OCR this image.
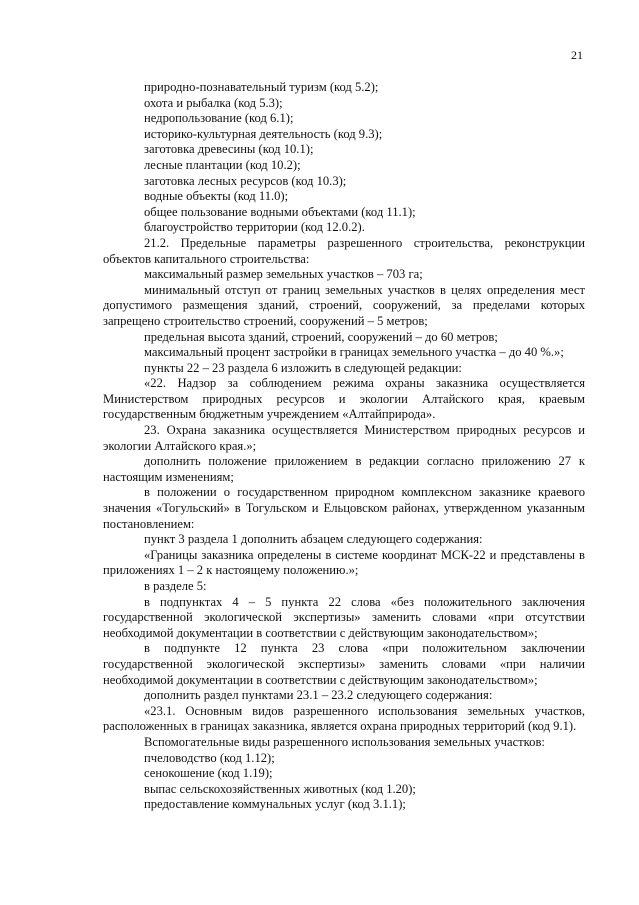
21

природно-познавательный туризм (код 5.2);

охота и рыбалка (код 5.3);

недропользование (код 6.1);

историко-культурная деятельность (код 9.3);

заготовка древесины (код 10.1);

лесные плантации (код 10.2);

заготовка лесных ресурсов (код 10.3);

водные объекты (код 11.0);

общее пользование водными объектами (код 11.1);

благоустройство территории (код 12.0.2).

21.2. Предельные параметры разрешенного строительства, реконструкции объектов капитального строительства:

максимальный размер земельных участков – 703 га;

минимальный отступ от границ земельных участков в целях определения мест допустимого размещения зданий, строений, сооружений, за пределами которых запрещено строительство строений, сооружений – 5 метров;

предельная высота зданий, строений, сооружений – до 60 метров;

максимальный процент застройки в границах земельного участка – до 40 %.»;

пункты 22 – 23 раздела 6 изложить в следующей редакции:

«22. Надзор за соблюдением режима охраны заказника осуществляется Министерством природных ресурсов и экологии Алтайского края, краевым государственным бюджетным учреждением «Алтайприрода».

23. Охрана заказника осуществляется Министерством природных ресурсов и экологии Алтайского края.»;

дополнить положение приложением в редакции согласно приложению 27 к настоящим изменениям;

в положении о государственном природном комплексном заказнике краевого значения «Тогульский» в Тогульском и Ельцовском районах, утвержденном указанным постановлением:

пункт 3 раздела 1 дополнить абзацем следующего содержания:

«Границы заказника определены в системе координат МСК-22 и представлены в приложениях 1 – 2 к настоящему положению.»;

в разделе 5:

в подпунктах 4 – 5 пункта 22 слова «без положительного заключения государственной экологической экспертизы» заменить словами «при отсутствии необходимой документации в соответствии с действующим законодательством»;

в подпункте 12 пункта 23 слова «при положительном заключении государственной экологической экспертизы» заменить словами «при наличии необходимой документации в соответствии с действующим законодательством»;

дополнить раздел пунктами 23.1 – 23.2 следующего содержания:

«23.1. Основным видов разрешенного использования земельных участков, расположенных в границах заказника, является охрана природных территорий (код 9.1).

Вспомогательные виды разрешенного использования земельных участков:

пчеловодство (код 1.12);

сенокошение (код 1.19);

выпас сельскохозяйственных животных (код 1.20);

предоставление коммунальных услуг (код 3.1.1);
